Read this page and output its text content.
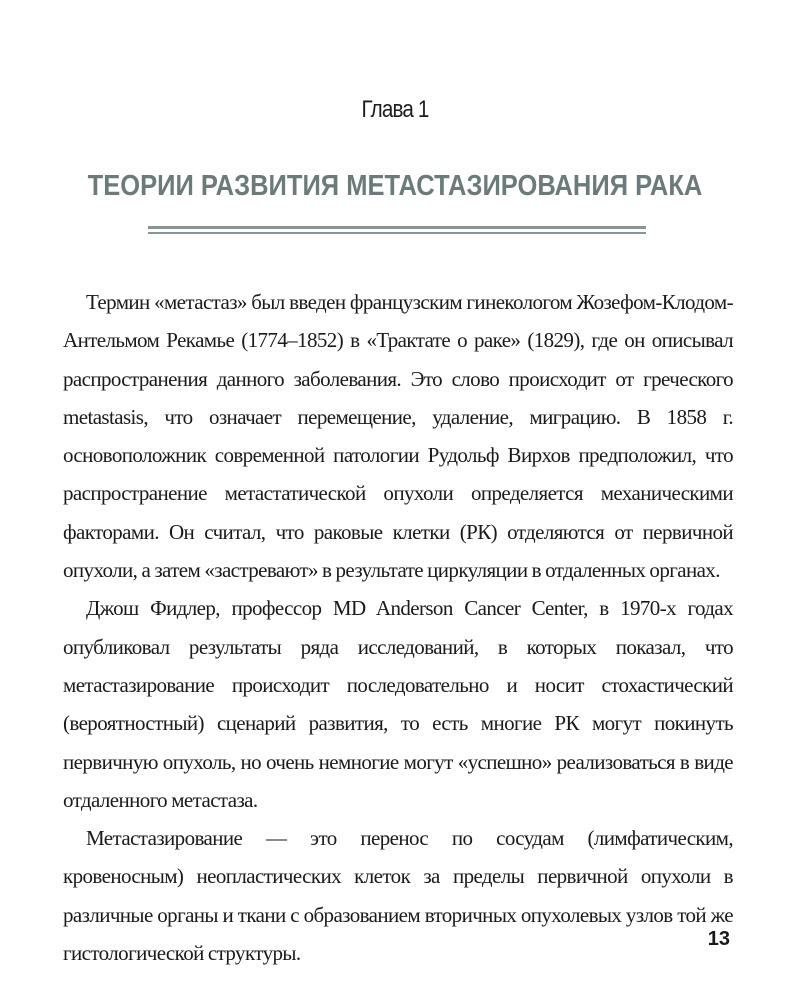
Глава 1
ТЕОРИИ РАЗВИТИЯ МЕТАСТАЗИРОВАНИЯ РАКА

Термин «метастаз» был введен французским гинекологом Жозефом-Клодом-Антельмом Рекамье (1774–1852) в «Трактате о раке» (1829), где он описывал распространения данного заболевания. Это слово происходит от греческого metastasis, что означает перемещение, удаление, миграцию. В 1858 г. основоположник современной патологии Рудольф Вирхов предположил, что распространение метастатической опухоли определяется механическими факторами. Он считал, что раковые клетки (РК) отделяются от первичной опухоли, а затем «застревают» в результате циркуляции в отдаленных органах.

Джош Фидлер, профессор MD Anderson Cancer Center, в 1970-х годах опубликовал результаты ряда исследований, в которых показал, что метастазирование происходит последовательно и носит стохастический (вероятностный) сценарий развития, то есть многие РК могут покинуть первичную опухоль, но очень немногие могут «успешно» реализоваться в виде отдаленного метастаза.

Метастазирование — это перенос по сосудам (лимфатическим, кровеносным) неопластических клеток за пределы первичной опухоли в различные органы и ткани с образованием вторичных опухолевых узлов той же гистологической структуры.

13
